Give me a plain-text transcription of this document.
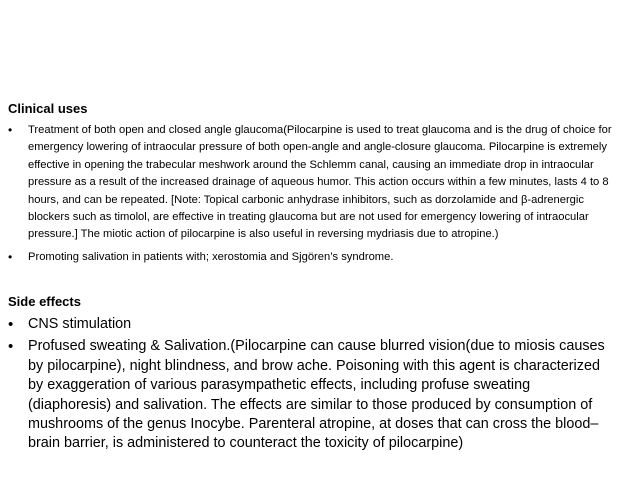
Clinical uses
• Treatment of both open and closed angle glaucoma(Pilocarpine is used to treat glaucoma and is the drug of choice for emergency lowering of intraocular pressure of both open-angle and angle-closure glaucoma. Pilocarpine is extremely effective in opening the trabecular meshwork around the Schlemm canal, causing an immediate drop in intraocular pressure as a result of the increased drainage of aqueous humor. This action occurs within a few minutes, lasts 4 to 8 hours, and can be repeated. [Note: Topical carbonic anhydrase inhibitors, such as dorzolamide and β-adrenergic blockers such as timolol, are effective in treating glaucoma but are not used for emergency lowering of intraocular pressure.] The miotic action of pilocarpine is also useful in reversing mydriasis due to atropine.)
• Promoting salivation in patients with; xerostomia and Sjgören’s syndrome.
Side effects
• CNS stimulation
• Profused sweating & Salivation.(Pilocarpine can cause blurred vision(due to miosis causes by pilocarpine), night blindness, and brow ache. Poisoning with this agent is characterized by exaggeration of various parasympathetic effects, including profuse sweating (diaphoresis) and salivation. The effects are similar to those produced by consumption of mushrooms of the genus Inocybe. Parenteral atropine, at doses that can cross the blood–brain barrier, is administered to counteract the toxicity of pilocarpine)
